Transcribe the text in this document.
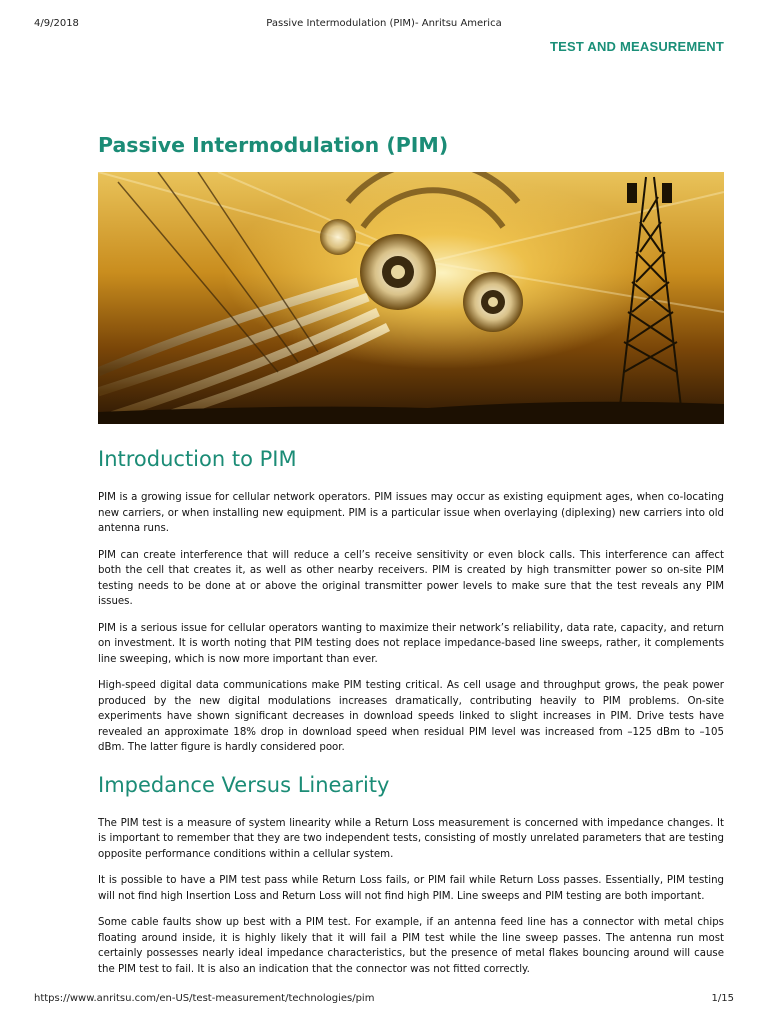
4/9/2018	Passive Intermodulation (PIM)- Anritsu America
TEST AND MEASUREMENT
Passive Intermodulation (PIM)
Introduction to PIM

PIM is a growing issue for cellular network operators. PIM issues may occur as existing equipment ages, when co-locating new carriers, or when installing new equipment. PIM is a particular issue when overlaying (diplexing) new carriers into old antenna runs.

PIM can create interference that will reduce a cell’s receive sensitivity or even block calls. This interference can affect both the cell that creates it, as well as other nearby receivers. PIM is created by high transmitter power so on-site PIM testing needs to be done at or above the original transmitter power levels to make sure that the test reveals any PIM issues.

PIM is a serious issue for cellular operators wanting to maximize their network’s reliability, data rate, capacity, and return on investment. It is worth noting that PIM testing does not replace impedance-based line sweeps, rather, it complements line sweeping, which is now more important than ever.

High-speed digital data communications make PIM testing critical. As cell usage and throughput grows, the peak power produced by the new digital modulations increases dramatically, contributing heavily to PIM problems. On-site experiments have shown significant decreases in download speeds linked to slight increases in PIM. Drive tests have revealed an approximate 18% drop in download speed when residual PIM level was increased from –125 dBm to –105 dBm. The latter figure is hardly considered poor.

Impedance Versus Linearity

The PIM test is a measure of system linearity while a Return Loss measurement is concerned with impedance changes. It is important to remember that they are two independent tests, consisting of mostly unrelated parameters that are testing opposite performance conditions within a cellular system.

It is possible to have a PIM test pass while Return Loss fails, or PIM fail while Return Loss passes. Essentially, PIM testing will not find high Insertion Loss and Return Loss will not find high PIM. Line sweeps and PIM testing are both important.

Some cable faults show up best with a PIM test. For example, if an antenna feed line has a connector with metal chips floating around inside, it is highly likely that it will fail a PIM test while the line sweep passes. The antenna run most certainly possesses nearly ideal impedance characteristics, but the presence of metal flakes bouncing around will cause the PIM test to fail. It is also an indication that the connector was not fitted correctly.

https://www.anritsu.com/en-US/test-measurement/technologies/pim	1/15
